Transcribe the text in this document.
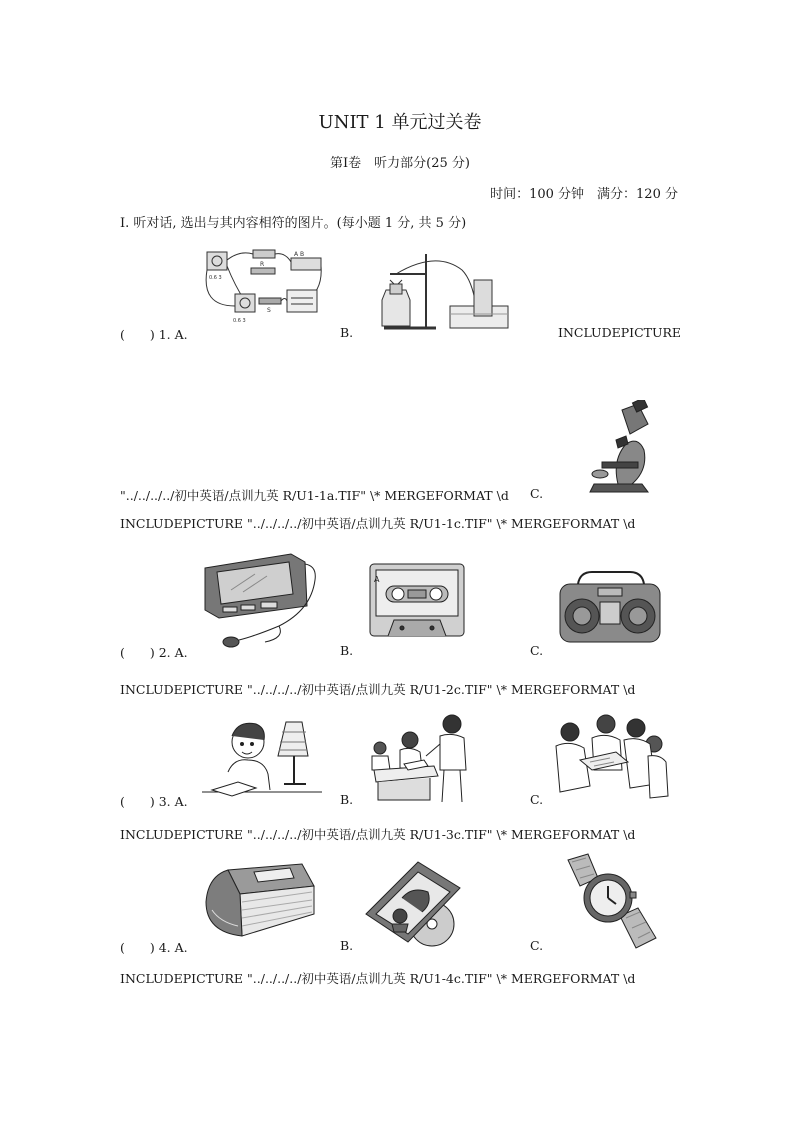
UNIT 1 单元过关卷
第Ⅰ卷　听力部分(25 分)
时间：100 分钟　满分：120 分
Ⅰ. 听对话, 选出与其内容相符的图片。(每小题 1 分, 共 5 分)
0.6 3
R
A B
S
0.6 3
(　　) 1. A.	B.	INCLUDEPICTURE
"../../../../初中英语/点训九英 R/U1-1a.TIF" \* MERGEFORMAT \d C.
INCLUDEPICTURE "../../../../初中英语/点训九英 R/U1-1c.TIF" \* MERGEFORMAT \d
A
(　　) 2. A.	B.	C.
INCLUDEPICTURE "../../../../初中英语/点训九英 R/U1-2c.TIF" \* MERGEFORMAT \d
(　　) 3. A.	B.	C.
INCLUDEPICTURE "../../../../初中英语/点训九英 R/U1-3c.TIF" \* MERGEFORMAT \d
(　　) 4. A.	B.	C.
INCLUDEPICTURE "../../../../初中英语/点训九英 R/U1-4c.TIF" \* MERGEFORMAT \d
